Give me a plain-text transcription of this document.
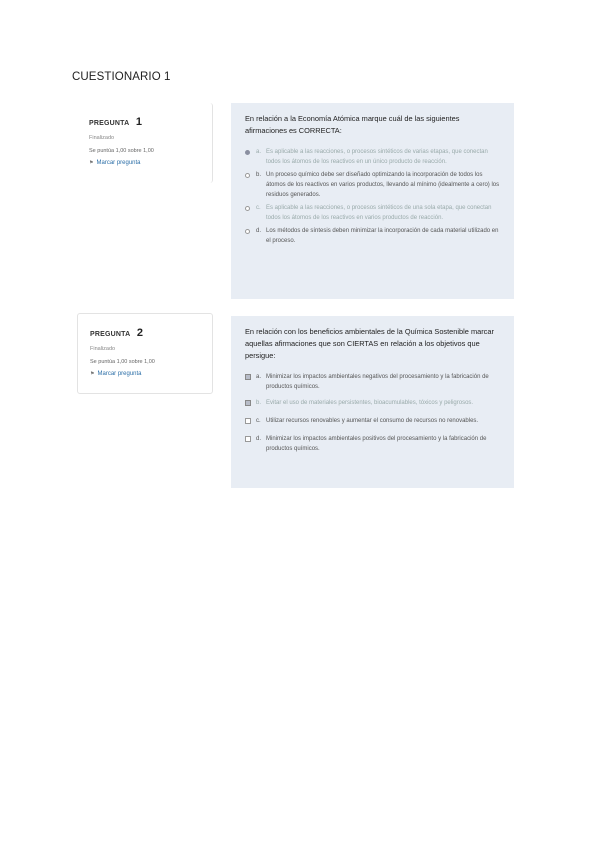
CUESTIONARIO 1
PREGUNTA 1
Finalizado
Se puntúa 1,00 sobre 1,00
⚑ Marcar pregunta
En relación a la Economía Atómica marque cuál de las siguientes afirmaciones es CORRECTA:
a. Es aplicable a las reacciones, o procesos sintéticos de varias etapas, que conectan todos los átomos de los reactivos en un único producto de reacción.
b. Un proceso químico debe ser diseñado optimizando la incorporación de todos los átomos de los reactivos en varios productos, llevando al mínimo (idealmente a cero) los residuos generados.
c. Es aplicable a las reacciones, o procesos sintéticos de una sola etapa, que conectan todos los átomos de los reactivos en varios productos de reacción.
d. Los métodos de síntesis deben minimizar la incorporación de cada material utilizado en el proceso.
PREGUNTA 2
Finalizado
Se puntúa 1,00 sobre 1,00
⚑ Marcar pregunta
En relación con los beneficios ambientales de la Química Sostenible marcar aquellas afirmaciones que son CIERTAS en relación a los objetivos que persigue:
a. Minimizar los impactos ambientales negativos del procesamiento y la fabricación de productos químicos.
b. Evitar el uso de materiales persistentes, bioacumulables, tóxicos y peligrosos.
c. Utilizar recursos renovables y aumentar el consumo de recursos no renovables.
d. Minimizar los impactos ambientales positivos del procesamiento y la fabricación de productos químicos.
